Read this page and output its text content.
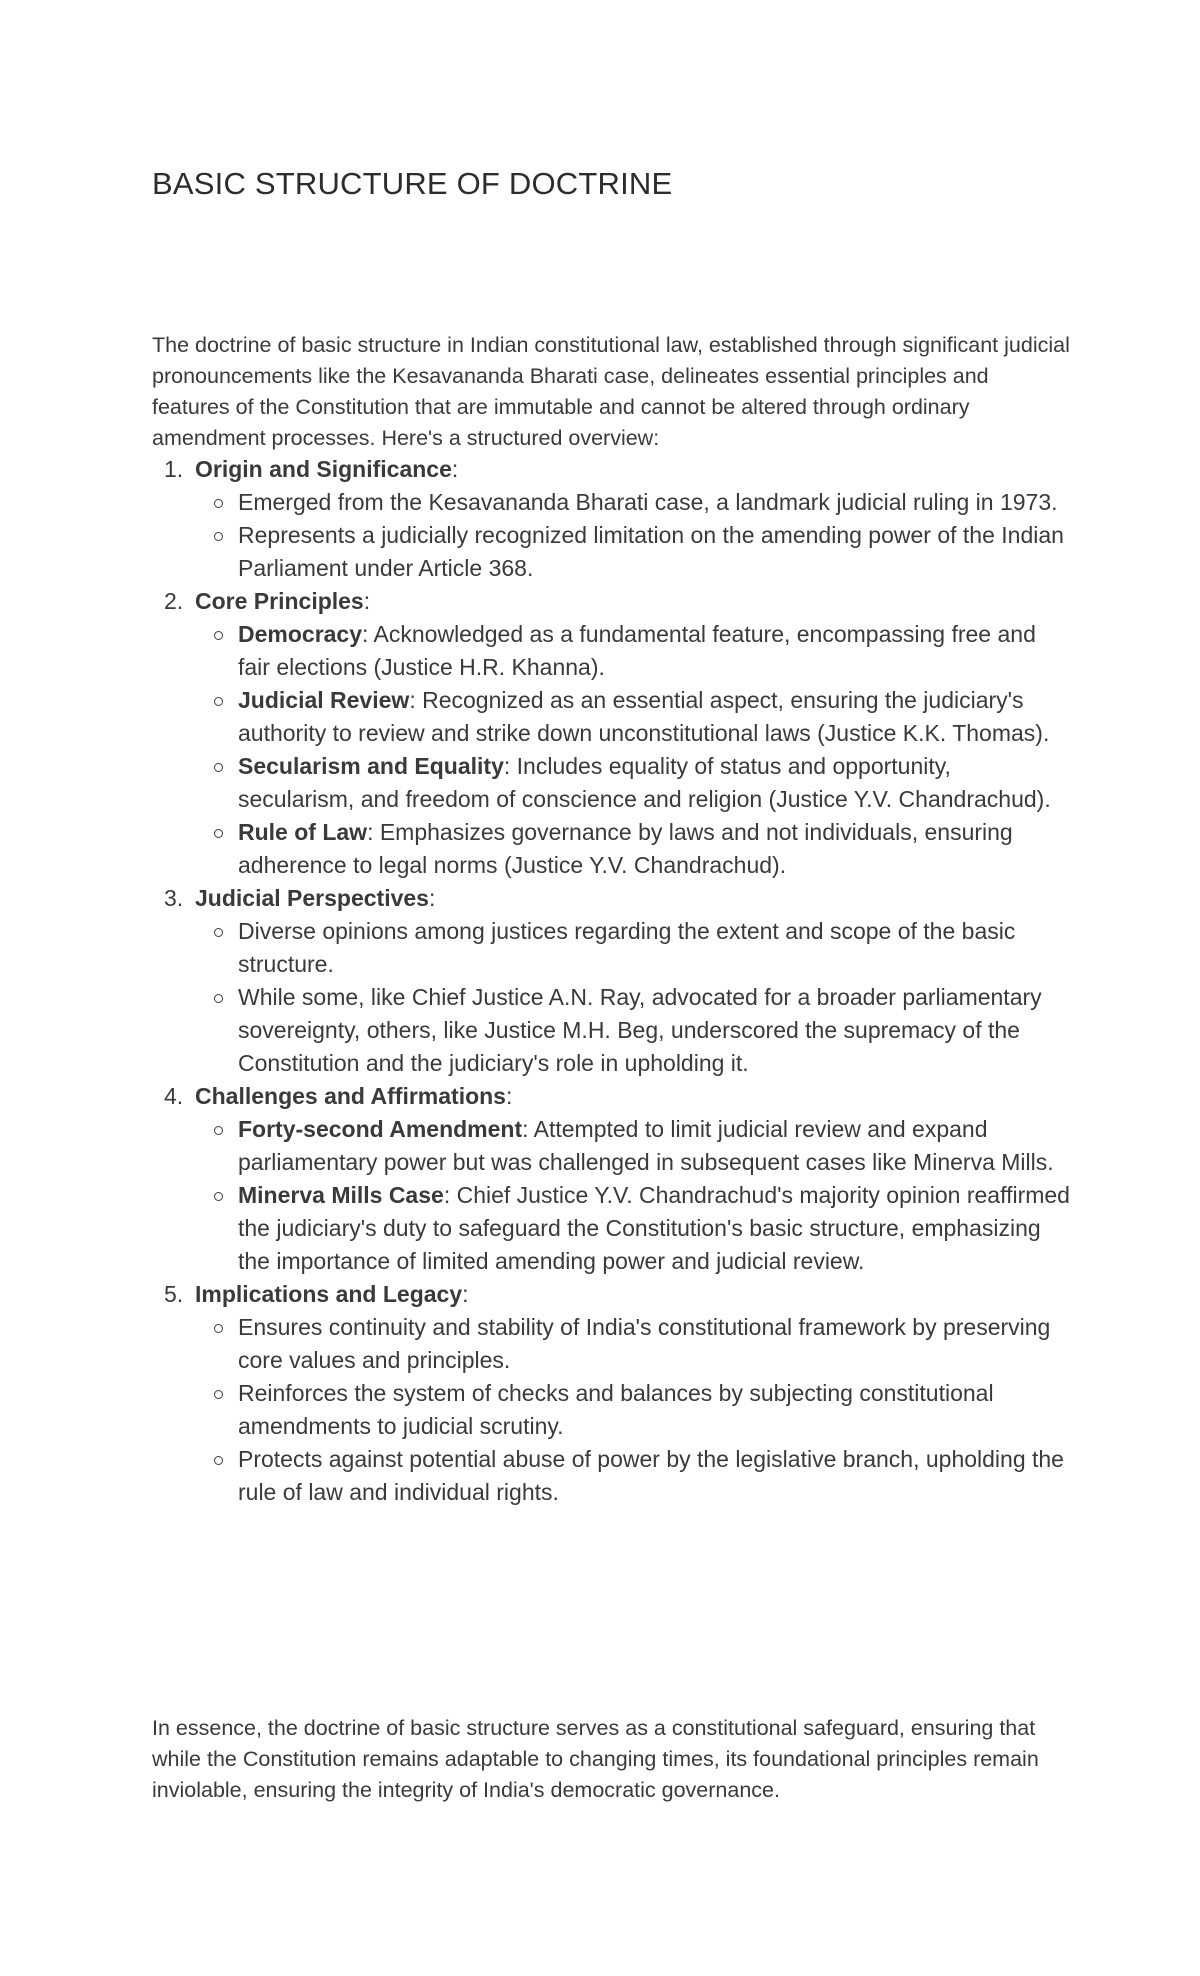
BASIC STRUCTURE OF DOCTRINE

The doctrine of basic structure in Indian constitutional law, established through significant judicial pronouncements like the Kesavananda Bharati case, delineates essential principles and features of the Constitution that are immutable and cannot be altered through ordinary amendment processes. Here's a structured overview:

1. Origin and Significance:
Emerged from the Kesavananda Bharati case, a landmark judicial ruling in 1973.
Represents a judicially recognized limitation on the amending power of the Indian Parliament under Article 368.
2. Core Principles:
Democracy: Acknowledged as a fundamental feature, encompassing free and fair elections (Justice H.R. Khanna).
Judicial Review: Recognized as an essential aspect, ensuring the judiciary's authority to review and strike down unconstitutional laws (Justice K.K. Thomas).
Secularism and Equality: Includes equality of status and opportunity, secularism, and freedom of conscience and religion (Justice Y.V. Chandrachud).
Rule of Law: Emphasizes governance by laws and not individuals, ensuring adherence to legal norms (Justice Y.V. Chandrachud).
3. Judicial Perspectives:
Diverse opinions among justices regarding the extent and scope of the basic structure.
While some, like Chief Justice A.N. Ray, advocated for a broader parliamentary sovereignty, others, like Justice M.H. Beg, underscored the supremacy of the Constitution and the judiciary's role in upholding it.
4. Challenges and Affirmations:
Forty-second Amendment: Attempted to limit judicial review and expand parliamentary power but was challenged in subsequent cases like Minerva Mills.
Minerva Mills Case: Chief Justice Y.V. Chandrachud's majority opinion reaffirmed the judiciary's duty to safeguard the Constitution's basic structure, emphasizing the importance of limited amending power and judicial review.
5. Implications and Legacy:
Ensures continuity and stability of India's constitutional framework by preserving core values and principles.
Reinforces the system of checks and balances by subjecting constitutional amendments to judicial scrutiny.
Protects against potential abuse of power by the legislative branch, upholding the rule of law and individual rights.

In essence, the doctrine of basic structure serves as a constitutional safeguard, ensuring that while the Constitution remains adaptable to changing times, its foundational principles remain inviolable, ensuring the integrity of India's democratic governance.
